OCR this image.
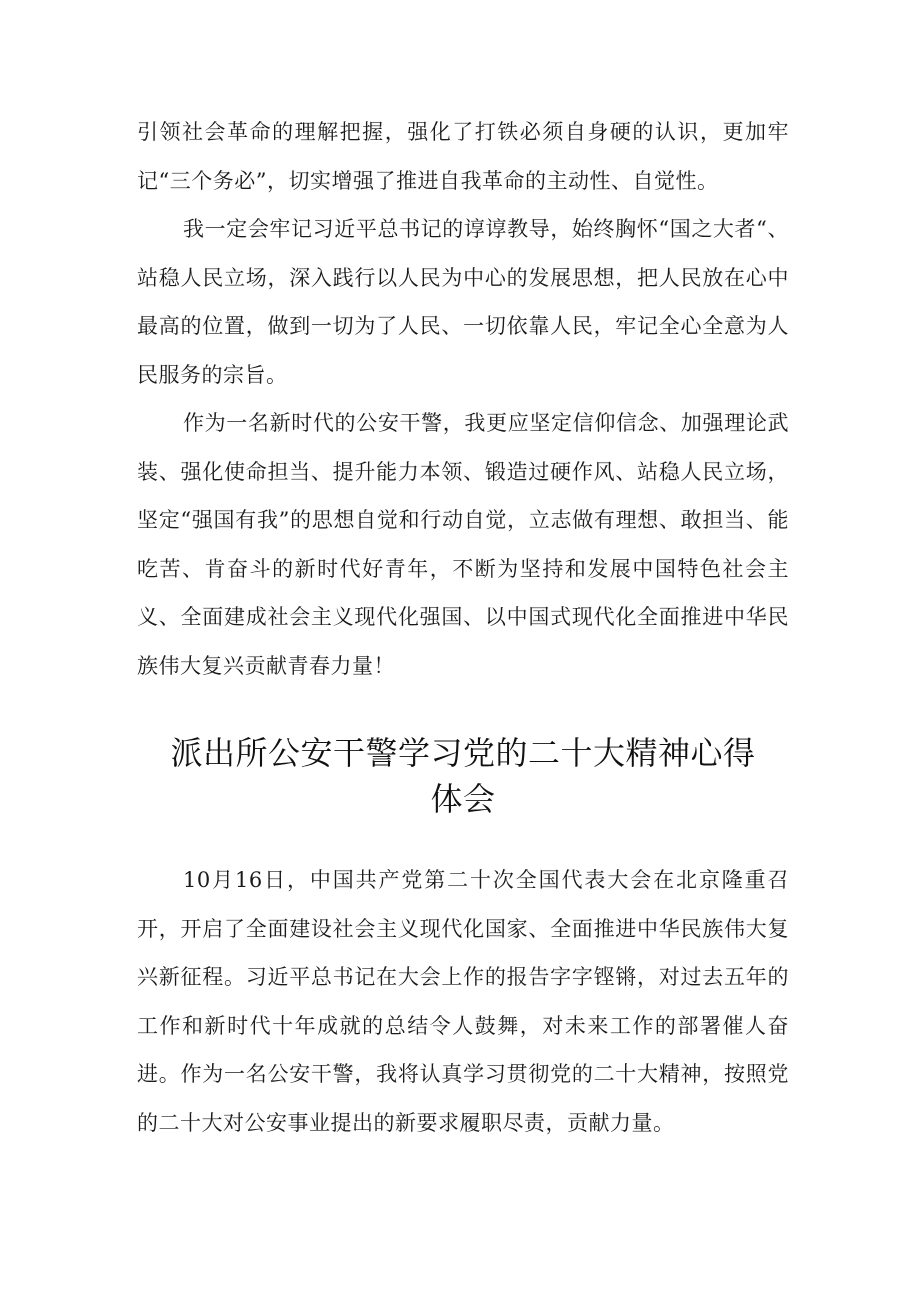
引领社会革命的理解把握，强化了打铁必须自身硬的认识，更加牢记“三个务必”，切实增强了推进自我革命的主动性、自觉性。

我一定会牢记习近平总书记的谆谆教导，始终胸怀“国之大者“、站稳人民立场，深入践行以人民为中心的发展思想，把人民放在心中最高的位置，做到一切为了人民、一切依靠人民，牢记全心全意为人民服务的宗旨。

作为一名新时代的公安干警，我更应坚定信仰信念、加强理论武装、强化使命担当、提升能力本领、锻造过硬作风、站稳人民立场，坚定“强国有我”的思想自觉和行动自觉，立志做有理想、敢担当、能吃苦、肯奋斗的新时代好青年，不断为坚持和发展中国特色社会主义、全面建成社会主义现代化强国、以中国式现代化全面推进中华民族伟大复兴贡献青春力量！

派出所公安干警学习党的二十大精神心得
体会

10月16日，中国共产党第二十次全国代表大会在北京隆重召开，开启了全面建设社会主义现代化国家、全面推进中华民族伟大复兴新征程。习近平总书记在大会上作的报告字字铿锵，对过去五年的工作和新时代十年成就的总结令人鼓舞，对未来工作的部署催人奋进。作为一名公安干警，我将认真学习贯彻党的二十大精神，按照党的二十大对公安事业提出的新要求履职尽责，贡献力量。
